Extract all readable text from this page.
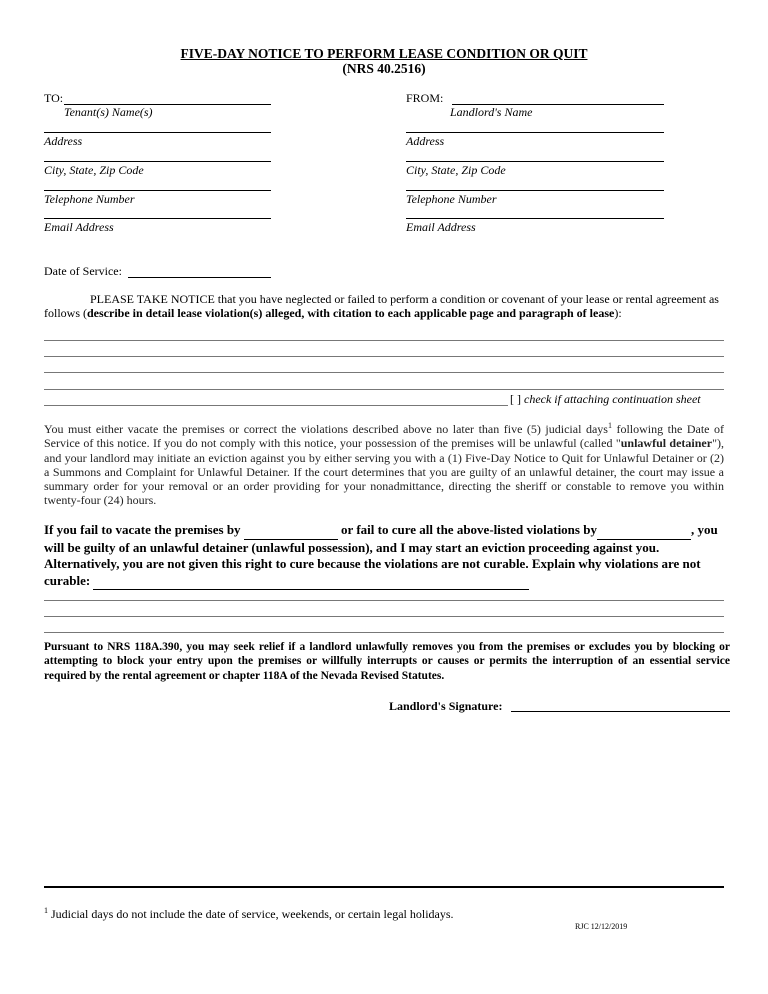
FIVE-DAY NOTICE TO PERFORM LEASE CONDITION OR QUIT
(NRS 40.2516)
TO:
Tenant(s) Name(s)
Address
City, State, Zip Code
Telephone Number
Email Address
FROM:
Landlord's Name
Address
City, State, Zip Code
Telephone Number
Email Address
Date of Service:
PLEASE TAKE NOTICE that you have neglected or failed to perform a condition or covenant of your lease or rental agreement as follows (describe in detail lease violation(s) alleged, with citation to each applicable page and paragraph of lease):
[ ] check if attaching continuation sheet
You must either vacate the premises or correct the violations described above no later than five (5) judicial days$^1$ following the Date of Service of this notice. If you do not comply with this notice, your possession of the premises will be unlawful (called "unlawful detainer"), and your landlord may initiate an eviction against you by either serving you with a (1) Five-Day Notice to Quit for Unlawful Detainer or (2) a Summons and Complaint for Unlawful Detainer. If the court determines that you are guilty of an unlawful detainer, the court may issue a summary order for your removal or an order providing for your nonadmittance, directing the sheriff or constable to remove you within twenty-four (24) hours.
If you fail to vacate the premises by	or fail to cure all the above-listed violations by	, you will be guilty of an unlawful detainer (unlawful possession), and I may start an eviction proceeding against you. Alternatively, you are not given this right to cure because the violations are not curable. Explain why violations are not curable:
Pursuant to NRS 118A.390, you may seek relief if a landlord unlawfully removes you from the premises or excludes you by blocking or attempting to block your entry upon the premises or willfully interrupts or causes or permits the interruption of an essential service required by the rental agreement or chapter 118A of the Nevada Revised Statutes.
Landlord's Signature:
$^1$ Judicial days do not include the date of service, weekends, or certain legal holidays.
RJC 12/12/2019
